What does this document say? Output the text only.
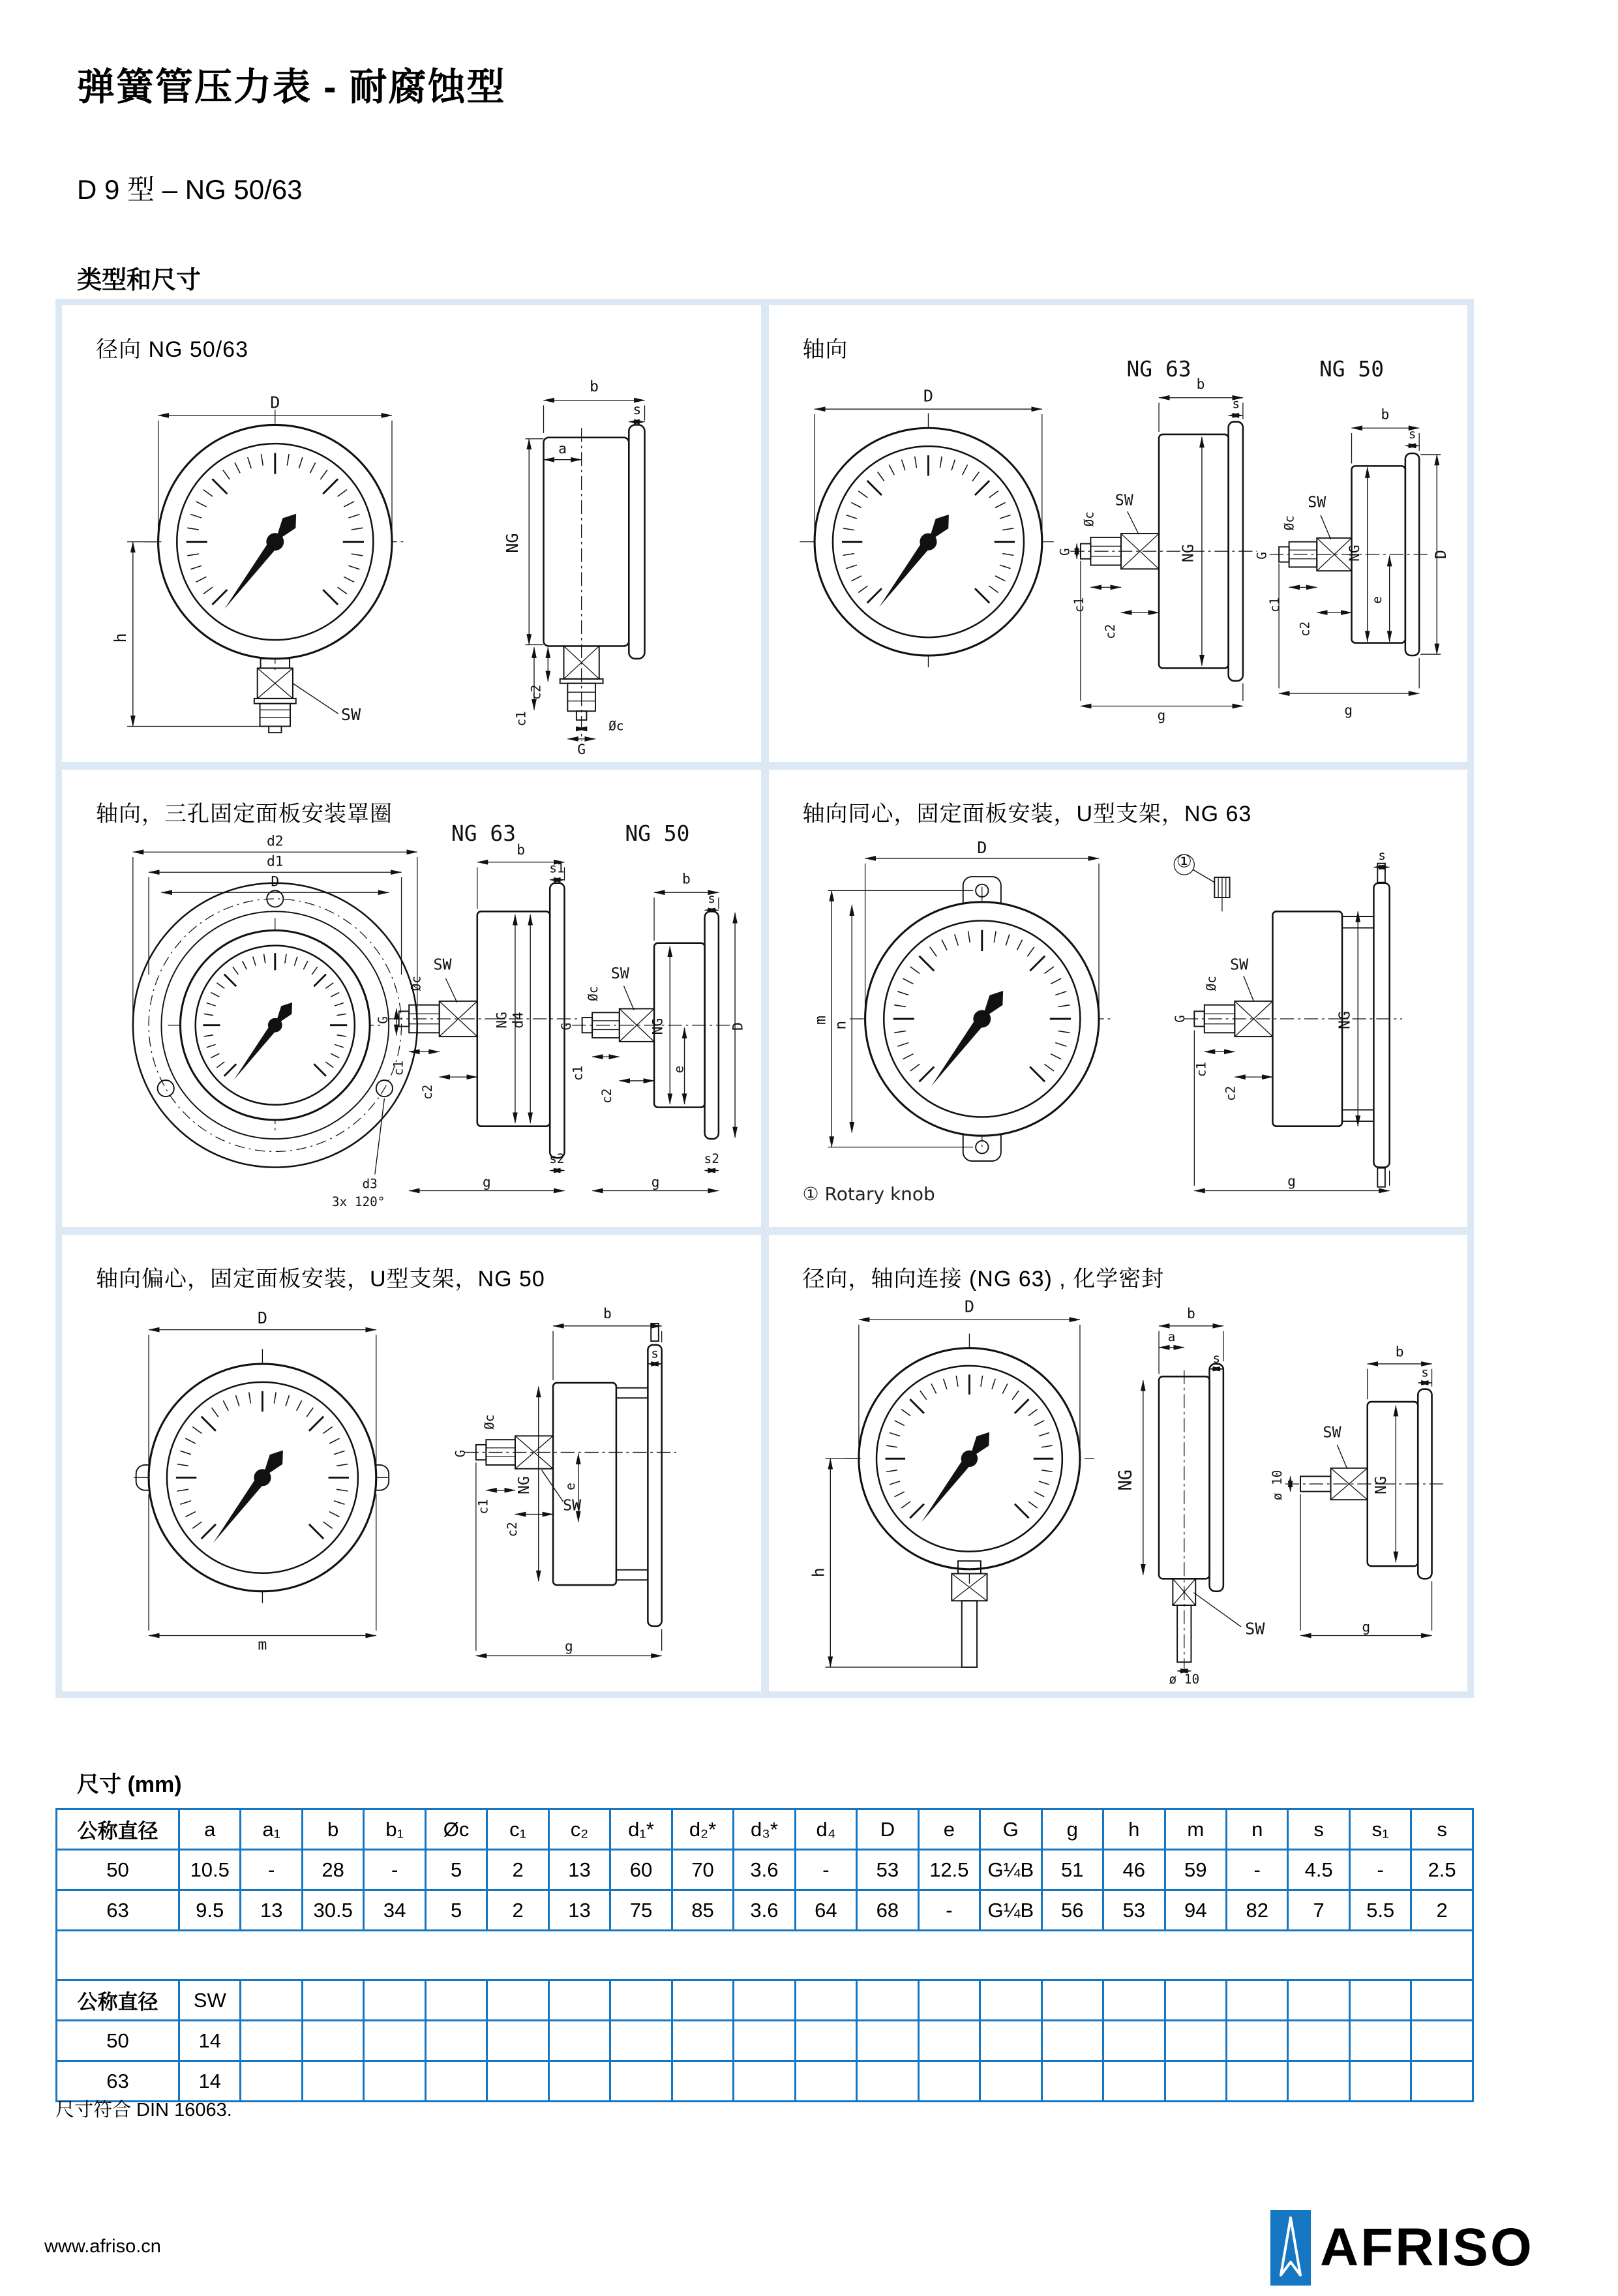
弹簧管压力表 - 耐腐蚀型
D 9 型 – NG 50/63
类型和尺寸
径向 NG 50/63
D
h
SW
b
s
a
NG
c2
c1	Øc
G
轴向
NG 63	NG 50
D
b
s
SW
Øc
G	NG
c1
c2
g
b
s
SW
Øc
G	NG
e
D
c1
c2
g
轴向，三孔固定面板安装罩圈
NG 63	NG 50
d2
d1
D
d3
3x 120°
b
s1
SW
Øc
G	NG d4
c1
c2
s2
g
b
s
SW
Øc
G	NG	D
e
c1
c2
s2
g
轴向同心，固定面板安装，U型支架，NG 63
D
m
n
①	s
SW
Øc
G	NG
c1
c2
g
① Rotary knob
轴向偏心，固定面板安装，U型支架，NG 50
D
m
b
s
Øc
G
NG e
c1
c2
SW
g
径向，轴向连接 (NG 63) , 化学密封
D
h
b
a
s
NG
SW
ø 10
SW
ø 10	NG
b
s
g
尺寸 (mm)
公称直径	a	a₁	b	b₁	Øc	c₁	c₂	d₁*	d₂*	d₃*	d₄	D	e	G	g	h	m	n	s	s₁	s
50	10.5	-	28	-	5	2	13	60	70	3.6	-	53	12.5	G¼B	51	46	59	-	4.5	-	2.5
63	9.5	13	30.5	34	5	2	13	75	85	3.6	64	68	-	G¼B	56	53	94	82	7	5.5	2

公称直径	SW																				
50	14																				
63	14																				
尺寸符合 DIN 16063.
www.afriso.cn	AFRISO
